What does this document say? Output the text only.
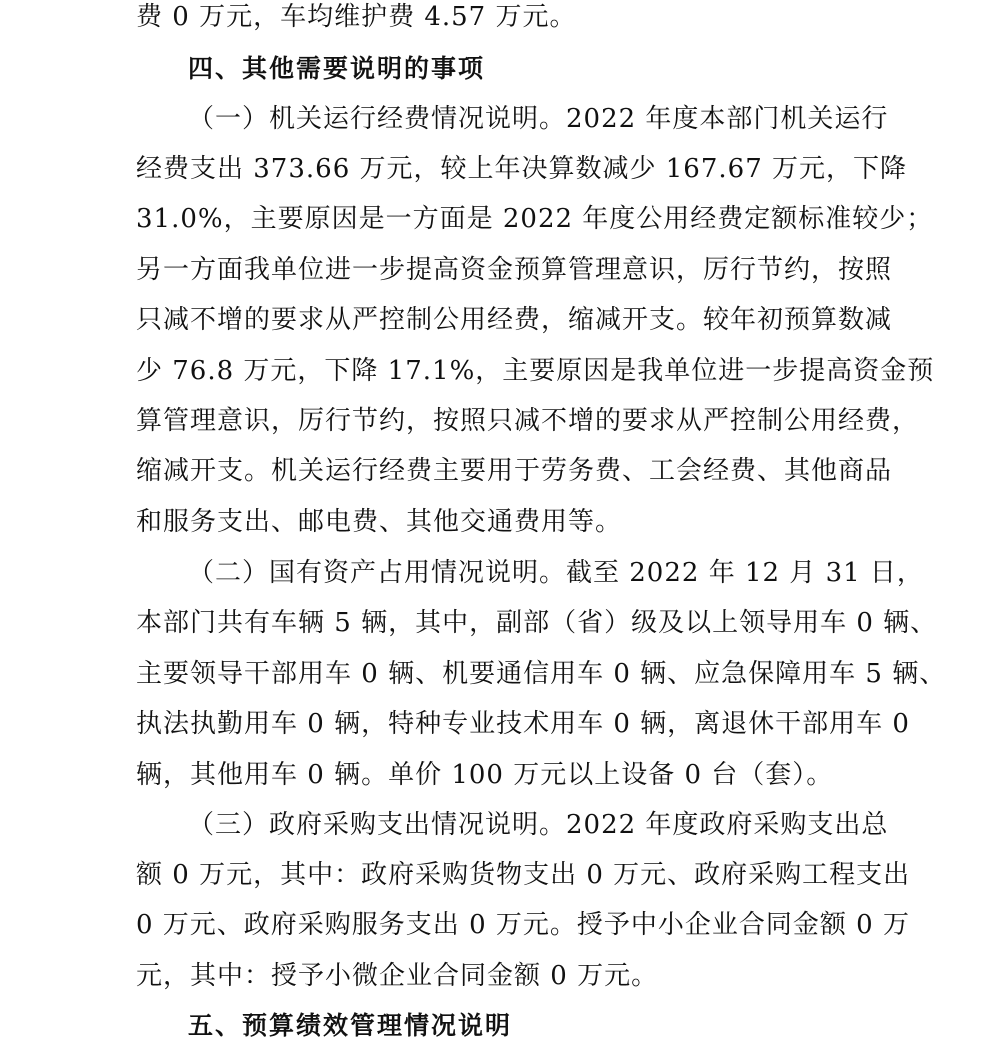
费 0 万元，车均维护费 4.57 万元。
四、其他需要说明的事项
（一）机关运行经费情况说明。2022 年度本部门机关运行
经费支出 373.66 万元，较上年决算数减少 167.67 万元，下降
31.0%，主要原因是一方面是 2022 年度公用经费定额标准较少；
另一方面我单位进一步提高资金预算管理意识，厉行节约，按照
只减不增的要求从严控制公用经费，缩减开支。较年初预算数减
少 76.8 万元，下降 17.1%，主要原因是我单位进一步提高资金预
算管理意识，厉行节约，按照只减不增的要求从严控制公用经费，
缩减开支。机关运行经费主要用于劳务费、工会经费、其他商品
和服务支出、邮电费、其他交通费用等。
（二）国有资产占用情况说明。截至 2022 年 12 月 31 日，
本部门共有车辆 5 辆，其中，副部（省）级及以上领导用车 0 辆、
主要领导干部用车 0 辆、机要通信用车 0 辆、应急保障用车 5 辆、
执法执勤用车 0 辆，特种专业技术用车 0 辆，离退休干部用车 0
辆，其他用车 0 辆。单价 100 万元以上设备 0 台（套）。
（三）政府采购支出情况说明。2022 年度政府采购支出总
额 0 万元，其中：政府采购货物支出 0 万元、政府采购工程支出
0 万元、政府采购服务支出 0 万元。授予中小企业合同金额 0 万
元，其中：授予小微企业合同金额 0 万元。
五、预算绩效管理情况说明
